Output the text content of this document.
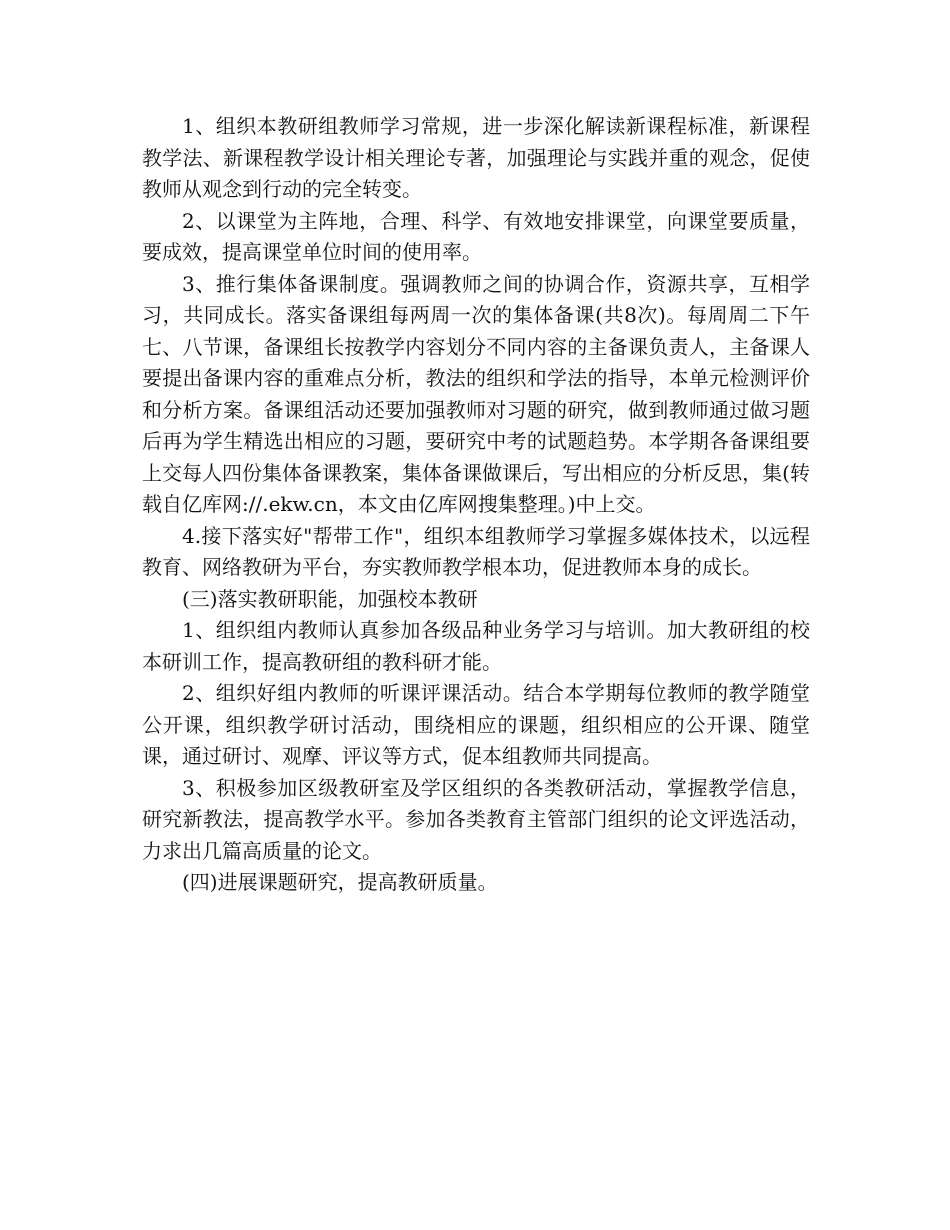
1、组织本教研组教师学习常规，进一步深化解读新课程标准，新课程教学法、新课程教学设计相关理论专著，加强理论与实践并重的观念，促使教师从观念到行动的完全转变。

2、以课堂为主阵地，合理、科学、有效地安排课堂，向课堂要质量，要成效，提高课堂单位时间的使用率。

3、推行集体备课制度。强调教师之间的协调合作，资源共享，互相学习，共同成长。落实备课组每两周一次的集体备课(共8次)。每周周二下午七、八节课，备课组长按教学内容划分不同内容的主备课负责人，主备课人要提出备课内容的重难点分析，教法的组织和学法的指导，本单元检测评价和分析方案。备课组活动还要加强教师对习题的研究，做到教师通过做习题后再为学生精选出相应的习题，要研究中考的试题趋势。本学期各备课组要上交每人四份集体备课教案，集体备课做课后，写出相应的分析反思，集(转载自亿库网://.ekw.cn，本文由亿库网搜集整理。)中上交。

4.接下落实好"帮带工作"，组织本组教师学习掌握多媒体技术，以远程教育、网络教研为平台，夯实教师教学根本功，促进教师本身的成长。

(三)落实教研职能，加强校本教研

1、组织组内教师认真参加各级品种业务学习与培训。加大教研组的校本研训工作，提高教研组的教科研才能。

2、组织好组内教师的听课评课活动。结合本学期每位教师的教学随堂公开课，组织教学研讨活动，围绕相应的课题，组织相应的公开课、随堂课，通过研讨、观摩、评议等方式，促本组教师共同提高。

3、积极参加区级教研室及学区组织的各类教研活动，掌握教学信息，研究新教法，提高教学水平。参加各类教育主管部门组织的论文评选活动，力求出几篇高质量的论文。

(四)进展课题研究，提高教研质量。
